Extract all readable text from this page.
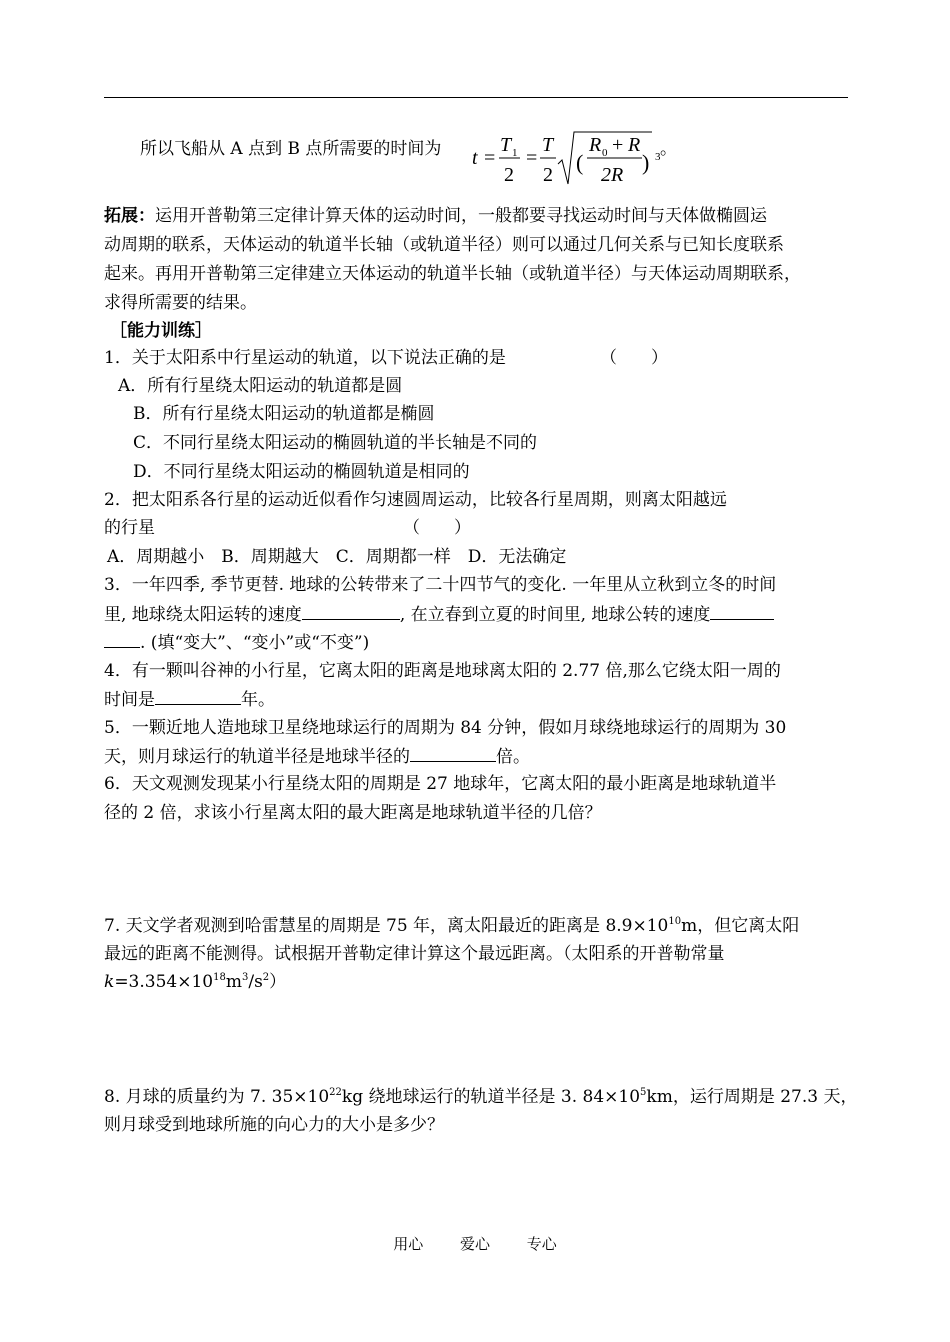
所以飞船从 A 点到 B 点所需要的时间为 t =
T 1
2
=
T
2 (
R 0 + R
2R ) 3 。
拓展：运用开普勒第三定律计算天体的运动时间，一般都要寻找运动时间与天体做椭圆运
动周期的联系，天体运动的轨道半长轴（或轨道半径）则可以通过几何关系与已知长度联系
起来。再用开普勒第三定律建立天体运动的轨道半长轴（或轨道半径）与天体运动周期联系，
求得所需要的结果。
［能力训练］
1．关于太阳系中行星运动的轨道，以下说法正确的是	（　　）
A．所有行星绕太阳运动的轨道都是圆
B．所有行星绕太阳运动的轨道都是椭圆
C．不同行星绕太阳运动的椭圆轨道的半长轴是不同的
D．不同行星绕太阳运动的椭圆轨道是相同的
2．把太阳系各行星的运动近似看作匀速圆周运动，比较各行星周期，则离太阳越远
的行星	（　　）
A．周期越小　B．周期越大　C．周期都一样　D．无法确定
3．一年四季, 季节更替. 地球的公转带来了二十四节气的变化. 一年里从立秋到立冬的时间
里, 地球绕太阳运转的速度	, 在立春到立夏的时间里, 地球公转的速度
. (填“变大”、“变小”或“不变”)
4．有一颗叫谷神的小行星，它离太阳的距离是地球离太阳的 2.77 倍,那么它绕太阳一周的
时间是	年。
5．一颗近地人造地球卫星绕地球运行的周期为 84 分钟，假如月球绕地球运行的周期为 30
天，则月球运行的轨道半径是地球半径的	倍。
6．天文观测发现某小行星绕太阳的周期是 27 地球年，它离太阳的最小距离是地球轨道半
径的 2 倍，求该小行星离太阳的最大距离是地球轨道半径的几倍？
7. 天文学者观测到哈雷慧星的周期是 75 年，离太阳最近的距离是 $8.9\times 10^{10}m$，但它离太阳
最远的距离不能测得。试根据开普勒定律计算这个最远距离。（太阳系的开普勒常量
$k=3.354\times 10^{18}m^3/s^2$）
8. 月球的质量约为 7. $35\times 10^{22}kg$ 绕地球运行的轨道半径是 3. $84\times 10^5km$，运行周期是 27.3 天，
则月球受到地球所施的向心力的大小是多少？
用心 爱心 专心
